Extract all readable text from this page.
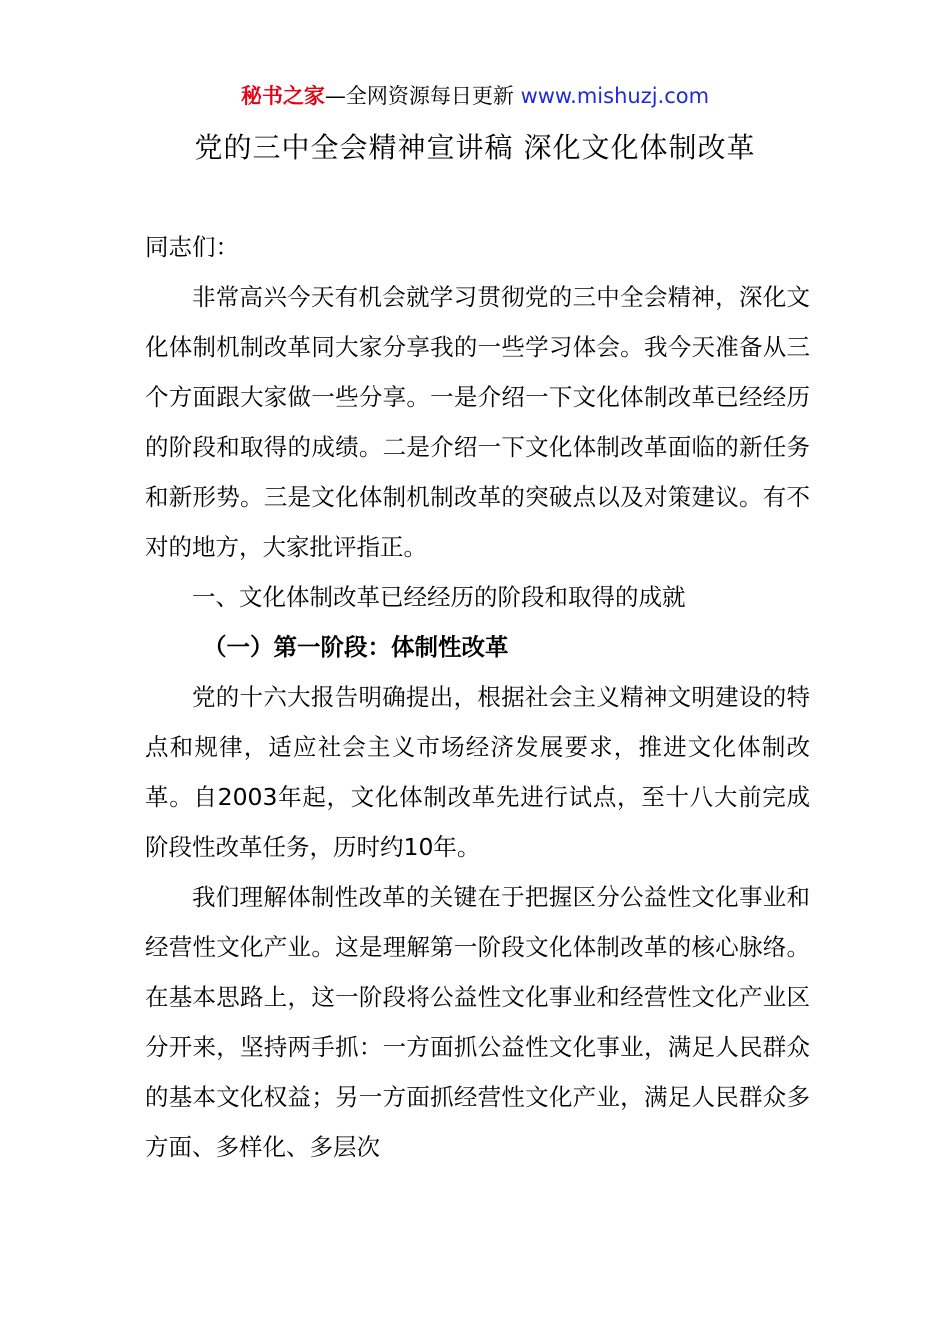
秘书之家—全网资源每日更新 www.mishuzj.com
党的三中全会精神宣讲稿 深化文化体制改革

同志们：

非常高兴今天有机会就学习贯彻党的三中全会精神，深化文化体制机制改革同大家分享我的一些学习体会。我今天准备从三个方面跟大家做一些分享。一是介绍一下文化体制改革已经经历的阶段和取得的成绩。二是介绍一下文化体制改革面临的新任务和新形势。三是文化体制机制改革的突破点以及对策建议。有不对的地方，大家批评指正。

一、文化体制改革已经经历的阶段和取得的成就

（一）第一阶段：体制性改革

党的十六大报告明确提出，根据社会主义精神文明建设的特点和规律，适应社会主义市场经济发展要求，推进文化体制改革。自2003年起，文化体制改革先进行试点，至十八大前完成阶段性改革任务，历时约10年。

我们理解体制性改革的关键在于把握区分公益性文化事业和经营性文化产业。这是理解第一阶段文化体制改革的核心脉络。在基本思路上，这一阶段将公益性文化事业和经营性文化产业区分开来，坚持两手抓：一方面抓公益性文化事业，满足人民群众的基本文化权益；另一方面抓经营性文化产业，满足人民群众多方面、多样化、多层次
